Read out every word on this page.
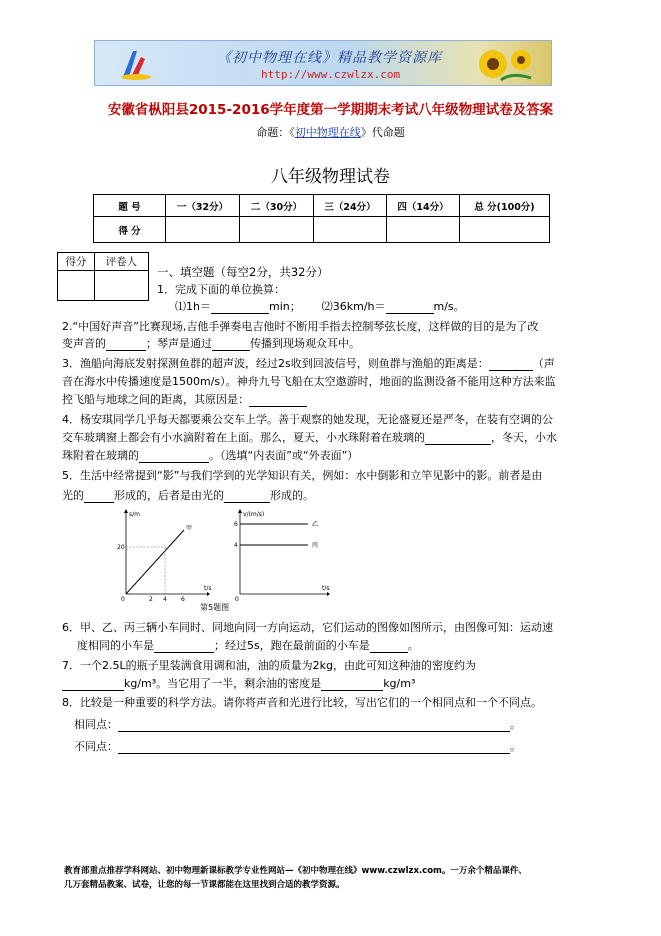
《初中物理在线》精品教学资源库
http://www.czwlzx.com
安徽省枞阳县2015-2016学年度第一学期期末考试八年级物理试卷及答案
命题：《初中物理在线》代命题
八年级物理试卷
题 号	一（32分）	二（30分）	三（24分）	四（14分）	总 分(100分)
得 分					
得分	评卷人

一、填空题（每空2分，共32分）
1．完成下面的单位换算：
⑴1h＝	min； ⑵36km/h＝	m/s。
2.“中国好声音”比赛现场,吉他手弹奏电吉他时不断用手指去控制琴弦长度，这样做的目的是为了改
变声音的	；琴声是通过	传播到现场观众耳中。
3．渔船向海底发射探测鱼群的超声波，经过2s收到回波信号，则鱼群与渔船的距离是：	（声
音在海水中传播速度是1500m/s）。神舟九号飞船在太空遨游时，地面的监测设备不能用这种方法来监
控飞船与地球之间的距离，其原因是：
4．杨安琪同学几乎每天都要乘公交车上学。善于观察的她发现，无论盛夏还是严冬，在装有空调的公
交车玻璃窗上都会有小水滴附着在上面。那么，夏天，小水珠附着在玻璃的	，冬天，小水
珠附着在玻璃的	。（选填“内表面”或“外表面”）
5．生活中经常提到“影”与我们学到的光学知识有关，例如：水中倒影和立竿见影中的影。前者是由
光的	形成的，后者是由光的	形成的。
s/m
t/s
甲
20
0	2 4 6
v/(m/s)
t/s
乙
丙
6
4
0
第5题图
6．甲、乙、丙三辆小车同时、同地向同一方向运动，它们运动的图像如图所示，由图像可知：运动速
度相同的小车是	；经过5s，跑在最前面的小车是	。
7．一个2.5L的瓶子里装满食用调和油，油的质量为2kg，由此可知这种油的密度约为
kg/m³。当它用了一半，剩余油的密度是	kg/m³
8．比较是一种重要的科学方法。请你将声音和光进行比较，写出它们的一个相同点和一个不同点。
相同点：	。
不同点：	。
教育部重点推荐学科网站、初中物理新课标教学专业性网站—《初中物理在线》www.czwlzx.com。一万余个精品课件、
几万套精品教案、试卷，让您的每一节课都能在这里找到合适的教学资源。
